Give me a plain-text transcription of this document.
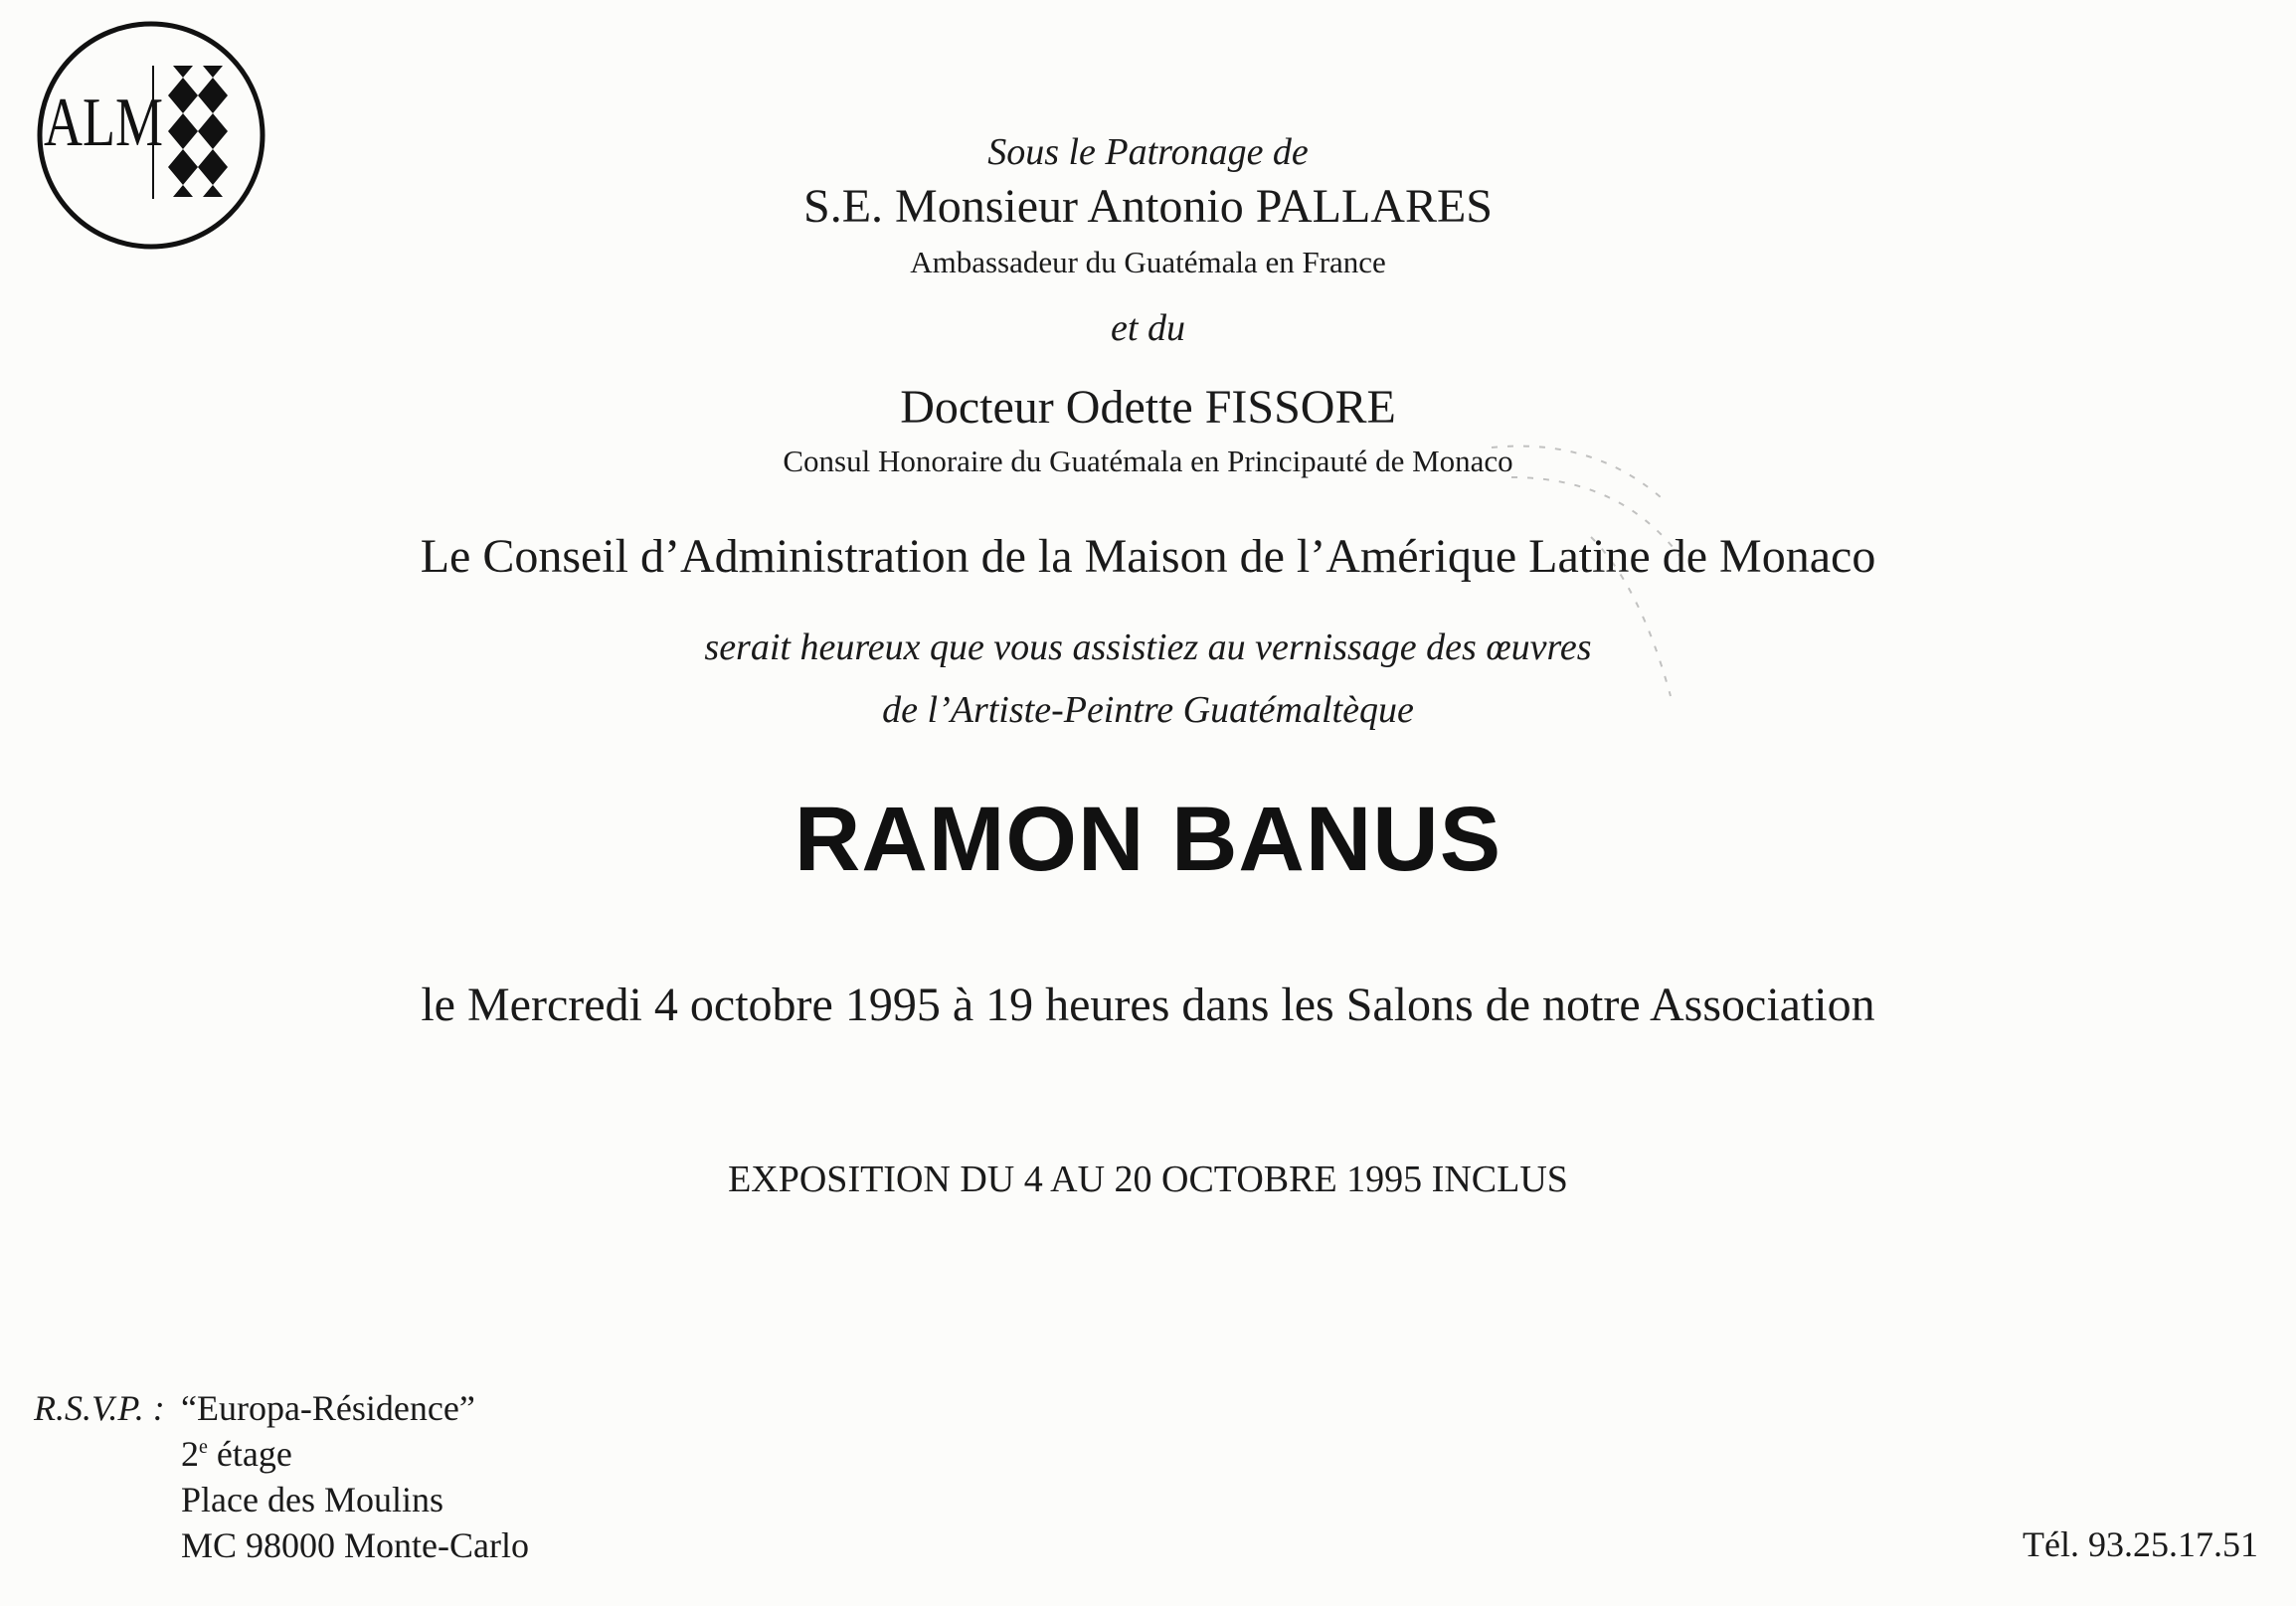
ALM	Sous le Patronage de
S.E. Monsieur Antonio PALLARES
Ambassadeur du Guatémala en France
et du
Docteur Odette FISSORE
Consul Honoraire du Guatémala en Principauté de Monaco
Le Conseil d’Administration de la Maison de l’Amérique Latine de Monaco
serait heureux que vous assistiez au vernissage des œuvres
de l’Artiste-Peintre Guatémaltèque
RAMON BANUS
le Mercredi 4 octobre 1995 à 19 heures dans les Salons de notre Association
EXPOSITION DU 4 AU 20 OCTOBRE 1995 INCLUS
R.S.V.P. : “Europa-Résidence”
2e étage
Place des Moulins
MC 98000 Monte-Carlo	Tél. 93.25.17.51
